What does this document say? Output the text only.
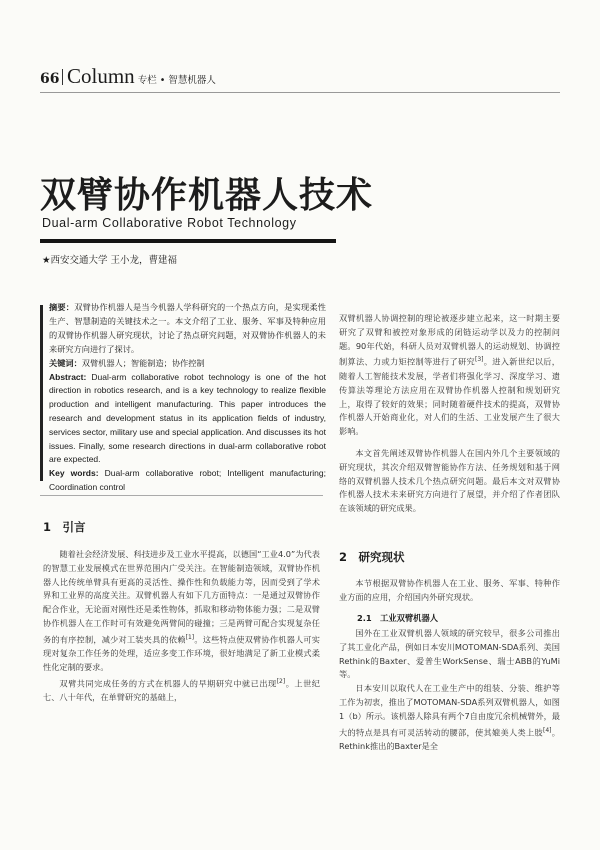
66 Column 专栏 • 智慧机器人
双臂协作机器人技术
Dual-arm Collaborative Robot Technology
★西安交通大学 王小龙，曹建福

摘要：双臂协作机器人是当今机器人学科研究的一个热点方向，是实现柔性生产、智慧制造的关键技术之一。本文介绍了工业、服务、军事及特种应用的双臂协作机器人研究现状，讨论了热点研究问题，对双臂协作机器人的未来研究方向进行了探讨。

关键词：双臂机器人；智能制造；协作控制

Abstract: Dual-arm collaborative robot technology is one of the hot direction in robotics research, and is a key technology to realize flexible production and intelligent manufacturing. This paper introduces the research and development status in its application fields of industry, services sector, military use and special application. And discusses its hot issues. Finally, some research directions in dual-arm collaborative robot are expected.

Key words: Dual-arm collaborative robot; Intelligent manufacturing; Coordination control

1　引言

随着社会经济发展、科技进步及工业水平提高，以德国“工业4.0”为代表的智慧工业发展模式在世界范围内广受关注。在智能制造领域，双臂协作机器人比传统单臂具有更高的灵活性、操作性和负载能力等，因而受到了学术界和工业界的高度关注。双臂机器人有如下几方面特点：一是通过双臂协作配合作业，无论面对刚性还是柔性物体，抓取和移动物体能力强；二是双臂协作机器人在工作时可有效避免两臂间的碰撞；三是两臂可配合实现复杂任务的有序控制，减少对工装夹具的依赖[1]。这些特点使双臂协作机器人可实现对复杂工作任务的处理，适应多变工作环境，很好地满足了新工业模式柔性化定制的要求。

双臂共同完成任务的方式在机器人的早期研究中就已出现[2]。上世纪七、八十年代，在单臂研究的基础上，

双臂机器人协调控制的理论被逐步建立起来，这一时期主要研究了双臂和被控对象形成的闭链运动学以及力的控制问题。90年代始，科研人员对双臂机器人的运动规划、协调控制算法、力或力矩控制等进行了研究[3]。进入新世纪以后，随着人工智能技术发展，学者们将强化学习、深度学习、遗传算法等理论方法应用在双臂协作机器人控制和规划研究上，取得了较好的效果；同时随着硬件技术的提高，双臂协作机器人开始商业化，对人们的生活、工业发展产生了很大影响。

本文首先阐述双臂协作机器人在国内外几个主要领域的研究现状，其次介绍双臂智能协作方法、任务规划和基于网络的双臂机器人技术几个热点研究问题。最后本文对双臂协作机器人技术未来研究方向进行了展望，并介绍了作者团队在该领域的研究成果。

2　研究现状

本节根据双臂协作机器人在工业、服务、军事、特种作业方面的应用，介绍国内外研究现状。

2.1　工业双臂机器人

国外在工业双臂机器人领域的研究较早，很多公司推出了其工业化产品，例如日本安川MOTOMAN-SDA系列、美国Rethink的Baxter、爱普生WorkSense、瑞士ABB的YuMi等。

日本安川以取代人在工业生产中的组装、分装、维护等工作为初衷，推出了MOTOMAN-SDA系列双臂机器人，如图1（b）所示。该机器人除具有两个7自由度冗余机械臂外，最大的特点是具有可灵活转动的腰部，使其媲美人类上肢[4]。Rethink推出的Baxter是全
